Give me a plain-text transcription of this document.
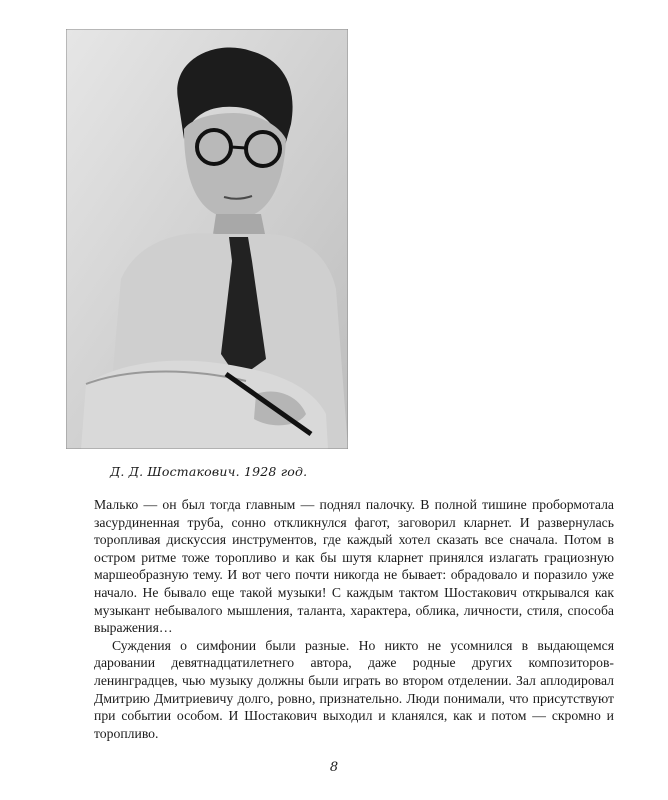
Д. Д. Шостакович. 1928 год.

Малько — он был тогда главным — поднял палочку. В полной тишине пробормотала засурдиненная труба, сонно откликнулся фагот, заговорил кларнет. И развернулась торопливая дискуссия инструментов, где каждый хотел сказать все сначала. Потом в остром ритме тоже торопливо и как бы шутя кларнет принялся излагать грациозную маршеобразную тему. И вот чего почти никогда не бывает: обрадовало и поразило уже начало. Не бывало еще такой музыки! С каждым тактом Шостакович открывался как музыкант небывалого мышления, таланта, характера, облика, личности, стиля, способа выражения…

Суждения о симфонии были разные. Но никто не усомнился в выдающемся даровании девятнадцатилетнего автора, даже родные других композиторов-ленинградцев, чью музыку должны были играть во втором отделении. Зал аплодировал Дмитрию Дмитриевичу долго, ровно, признательно. Люди понимали, что присутствуют при событии особом. И Шостакович выходил и кланялся, как и потом — скромно и торопливо.

8
